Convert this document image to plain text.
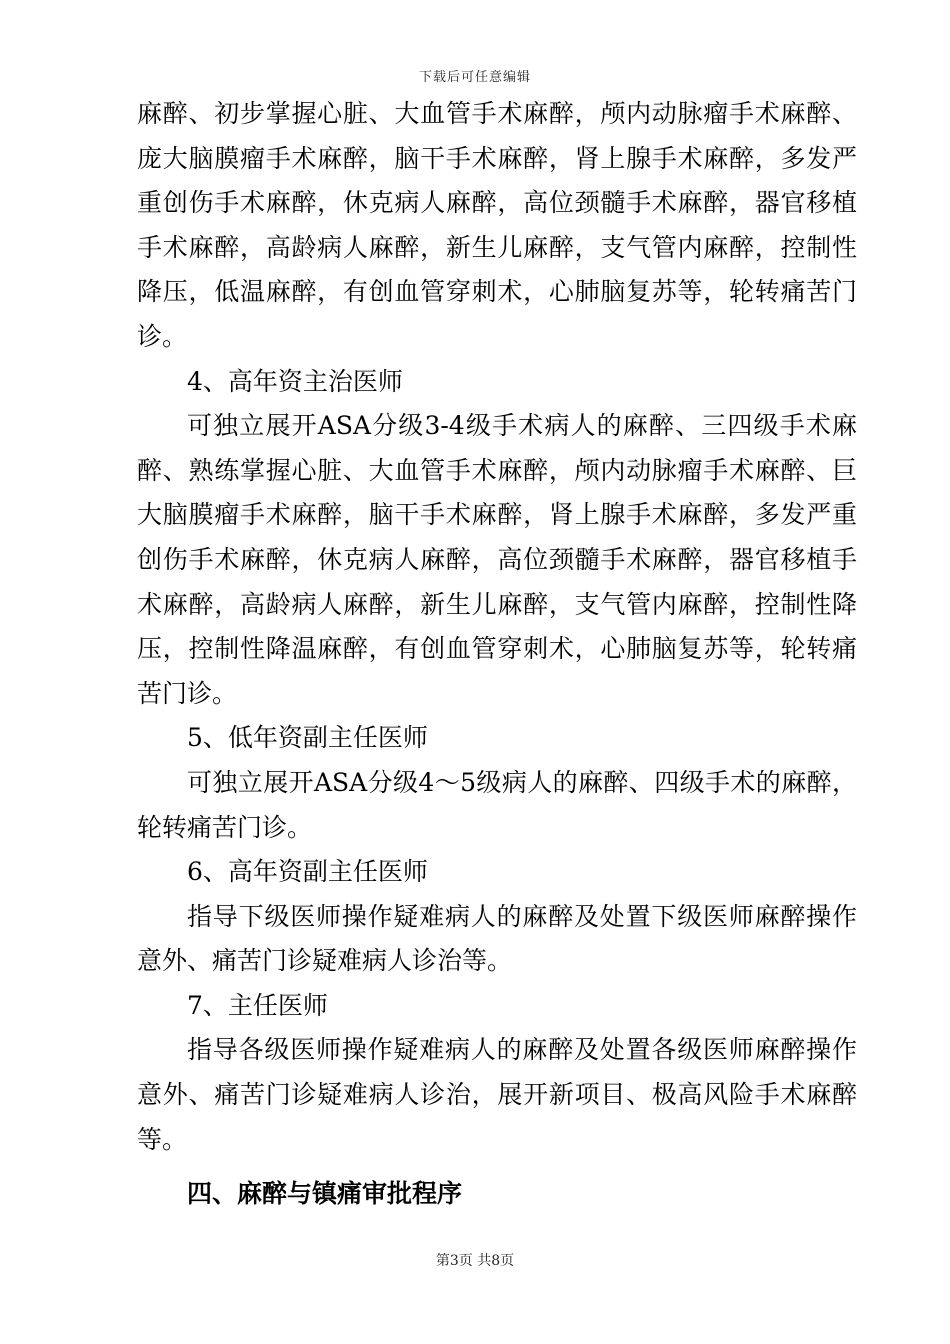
下载后可任意编辑

麻醉、初步掌握心脏、大血管手术麻醉，颅内动脉瘤手术麻醉、庞大脑膜瘤手术麻醉，脑干手术麻醉，肾上腺手术麻醉，多发严重创伤手术麻醉，休克病人麻醉，高位颈髓手术麻醉，器官移植手术麻醉，高龄病人麻醉，新生儿麻醉，支气管内麻醉，控制性降压，低温麻醉，有创血管穿刺术，心肺脑复苏等，轮转痛苦门诊。

4、高年资主治医师

可独立展开ASA分级3-4级手术病人的麻醉、三四级手术麻醉、熟练掌握心脏、大血管手术麻醉，颅内动脉瘤手术麻醉、巨大脑膜瘤手术麻醉，脑干手术麻醉，肾上腺手术麻醉，多发严重创伤手术麻醉，休克病人麻醉，高位颈髓手术麻醉，器官移植手术麻醉，高龄病人麻醉，新生儿麻醉，支气管内麻醉，控制性降压，控制性降温麻醉，有创血管穿刺术，心肺脑复苏等，轮转痛苦门诊。

5、低年资副主任医师

可独立展开ASA分级4～5级病人的麻醉、四级手术的麻醉，轮转痛苦门诊。

6、高年资副主任医师

指导下级医师操作疑难病人的麻醉及处置下级医师麻醉操作意外、痛苦门诊疑难病人诊治等。

7、主任医师

指导各级医师操作疑难病人的麻醉及处置各级医师麻醉操作意外、痛苦门诊疑难病人诊治，展开新项目、极高风险手术麻醉等。

四、麻醉与镇痛审批程序

第3页 共8页
